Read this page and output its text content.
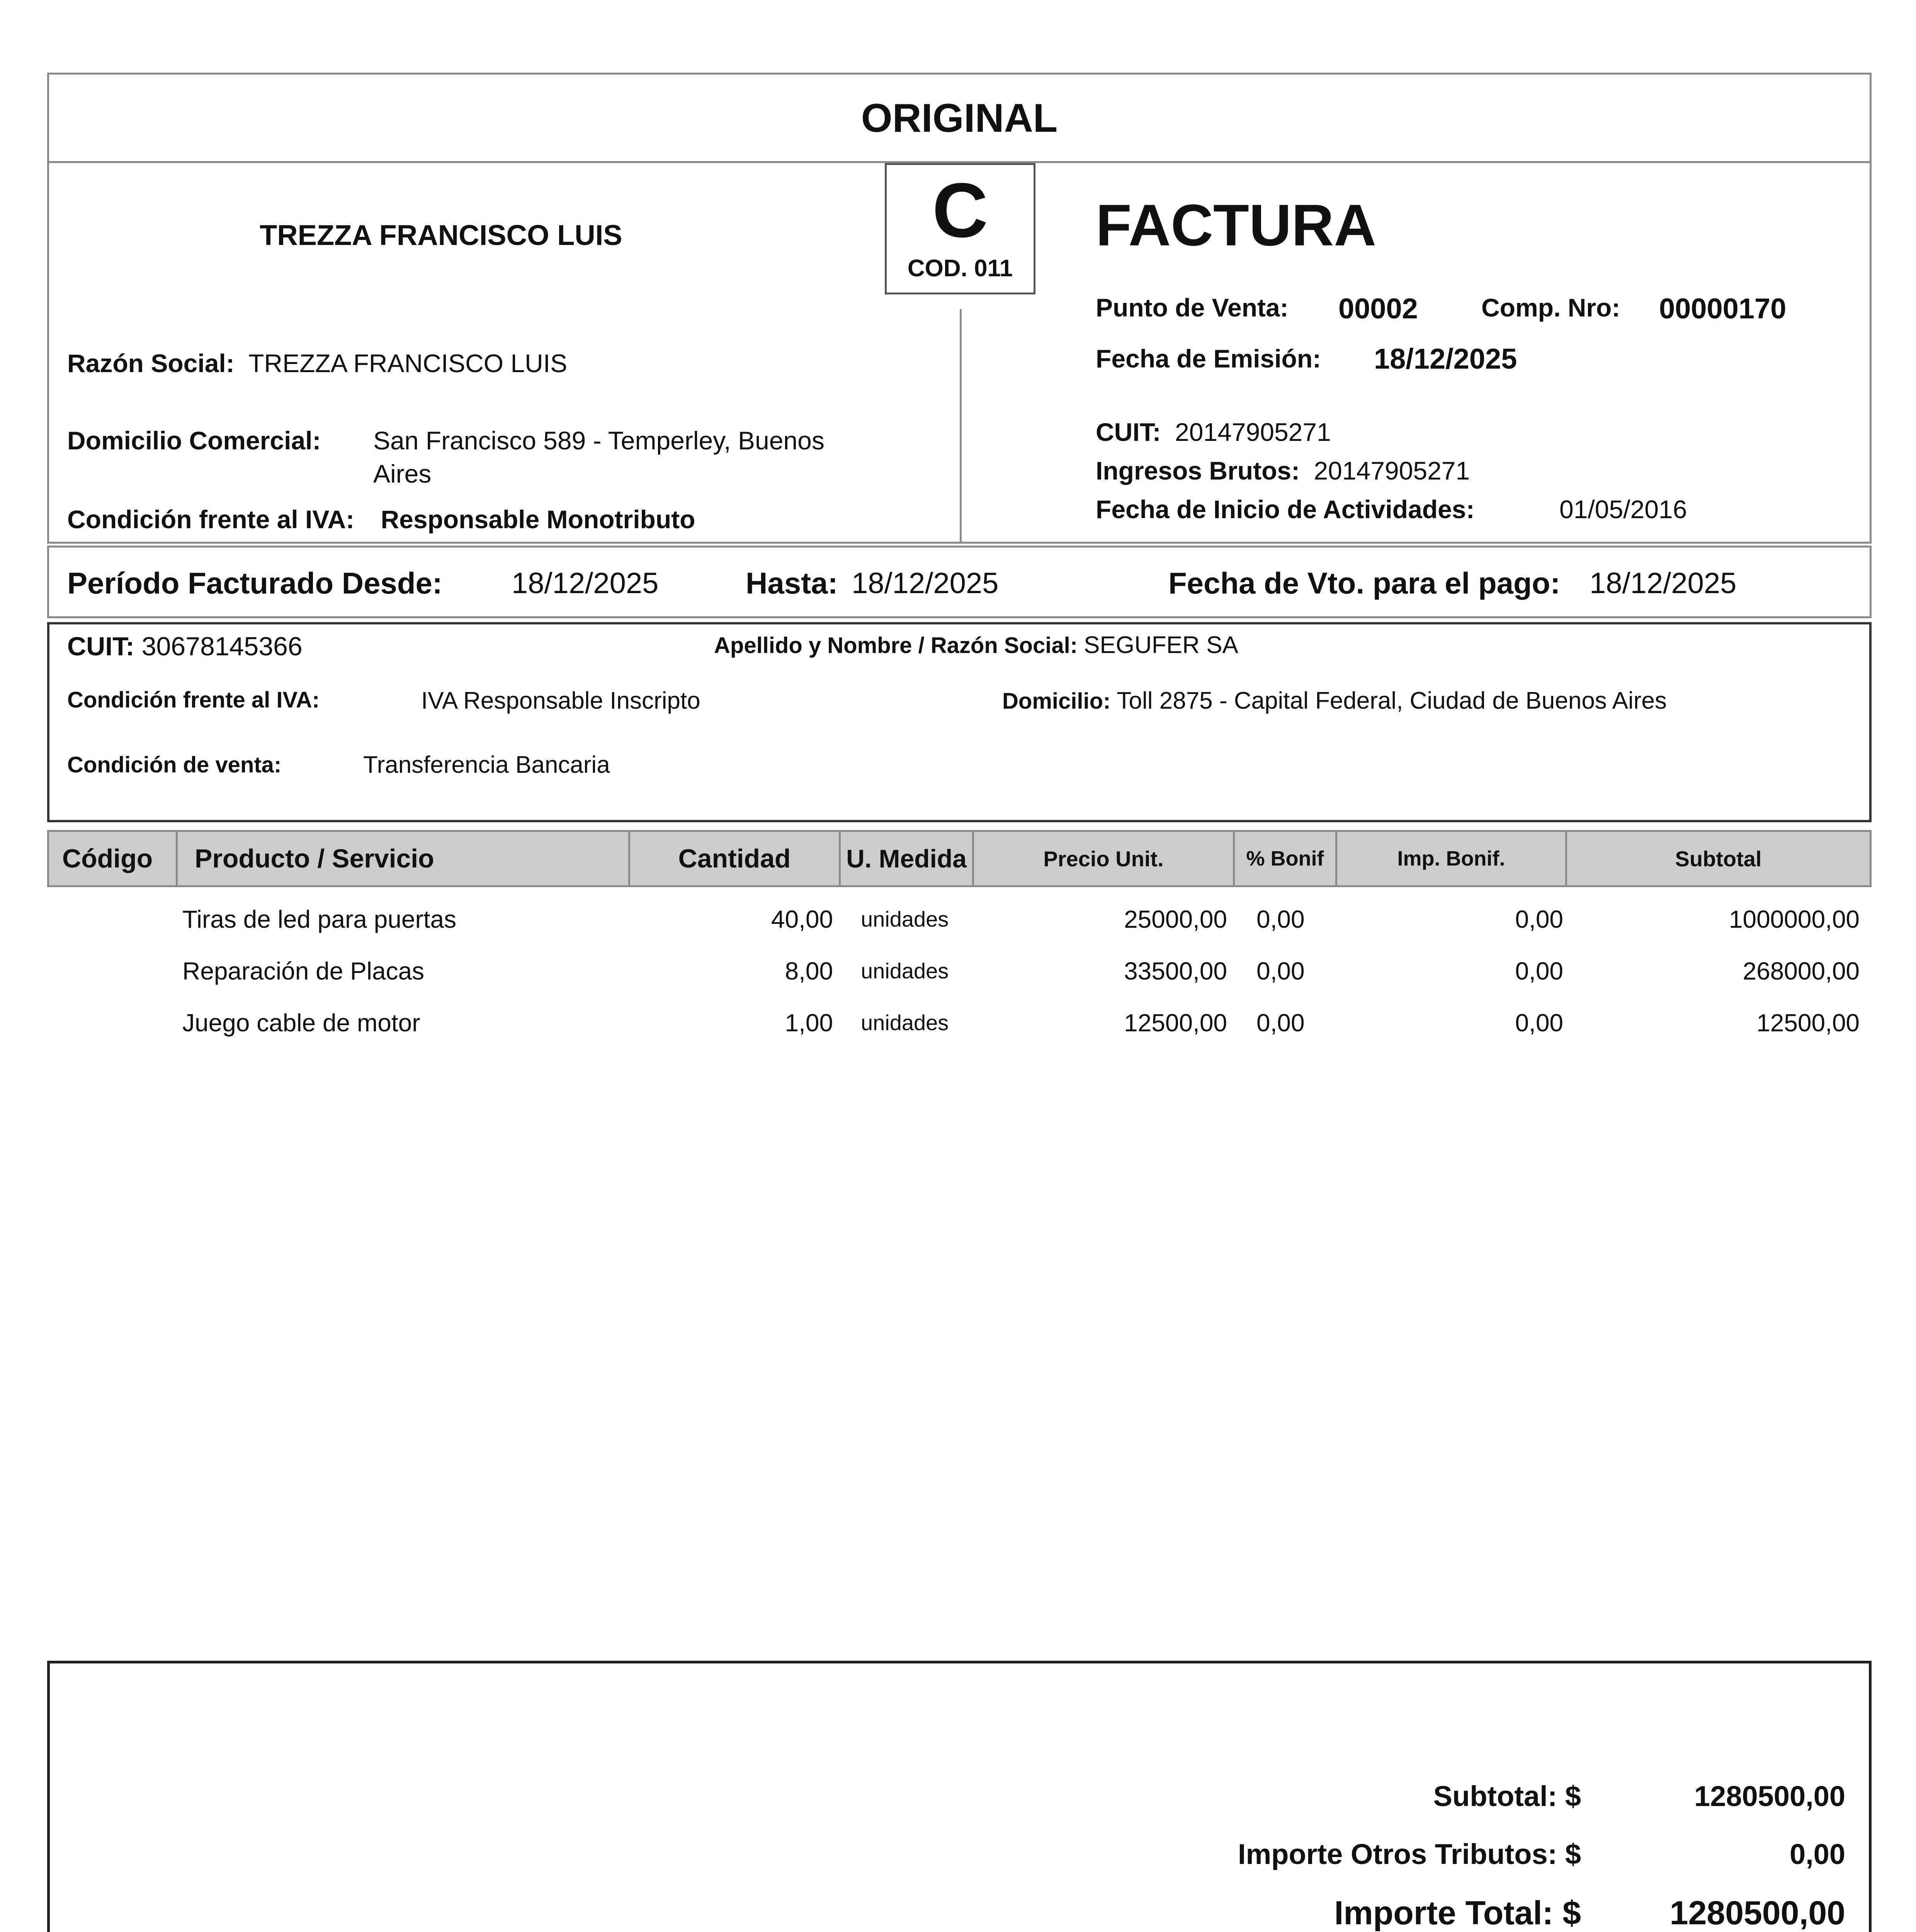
ORIGINAL
C
COD. 011
TREZZA FRANCISCO LUIS
Razón Social: TREZZA FRANCISCO LUIS
Domicilio Comercial: San Francisco 589 - Temperley, Buenos
Aires
Condición frente al IVA: Responsable Monotributo
FACTURA
Punto de Venta: 00002 Comp. Nro: 00000170
Fecha de Emisión: 18/12/2025
CUIT: 20147905271
Ingresos Brutos: 20147905271
Fecha de Inicio de Actividades:	01/05/2016
Período Facturado Desde: 18/12/2025	Hasta: 18/12/2025	Fecha de Vto. para el pago: 18/12/2025
CUIT: 30678145366	Apellido y Nombre / Razón Social: SEGUFER SA
Condición frente al IVA:	IVA Responsable Inscripto	Domicilio: Toll 2875 - Capital Federal, Ciudad de Buenos Aires
Condición de venta:	Transferencia Bancaria
Código Producto / Servicio	Cantidad U. Medida	Precio Unit.	% Bonif	Imp. Bonif.	Subtotal
Tiras de led para puertas	40,00 unidades	25000,00 0,00	0,00	1000000,00
Reparación de Placas	8,00 unidades	33500,00 0,00	0,00	268000,00
Juego cable de motor	1,00 unidades	12500,00 0,00	0,00	12500,00
Subtotal: $	1280500,00
Importe Otros Tributos: $	0,00
Importe Total: $	1280500,00
